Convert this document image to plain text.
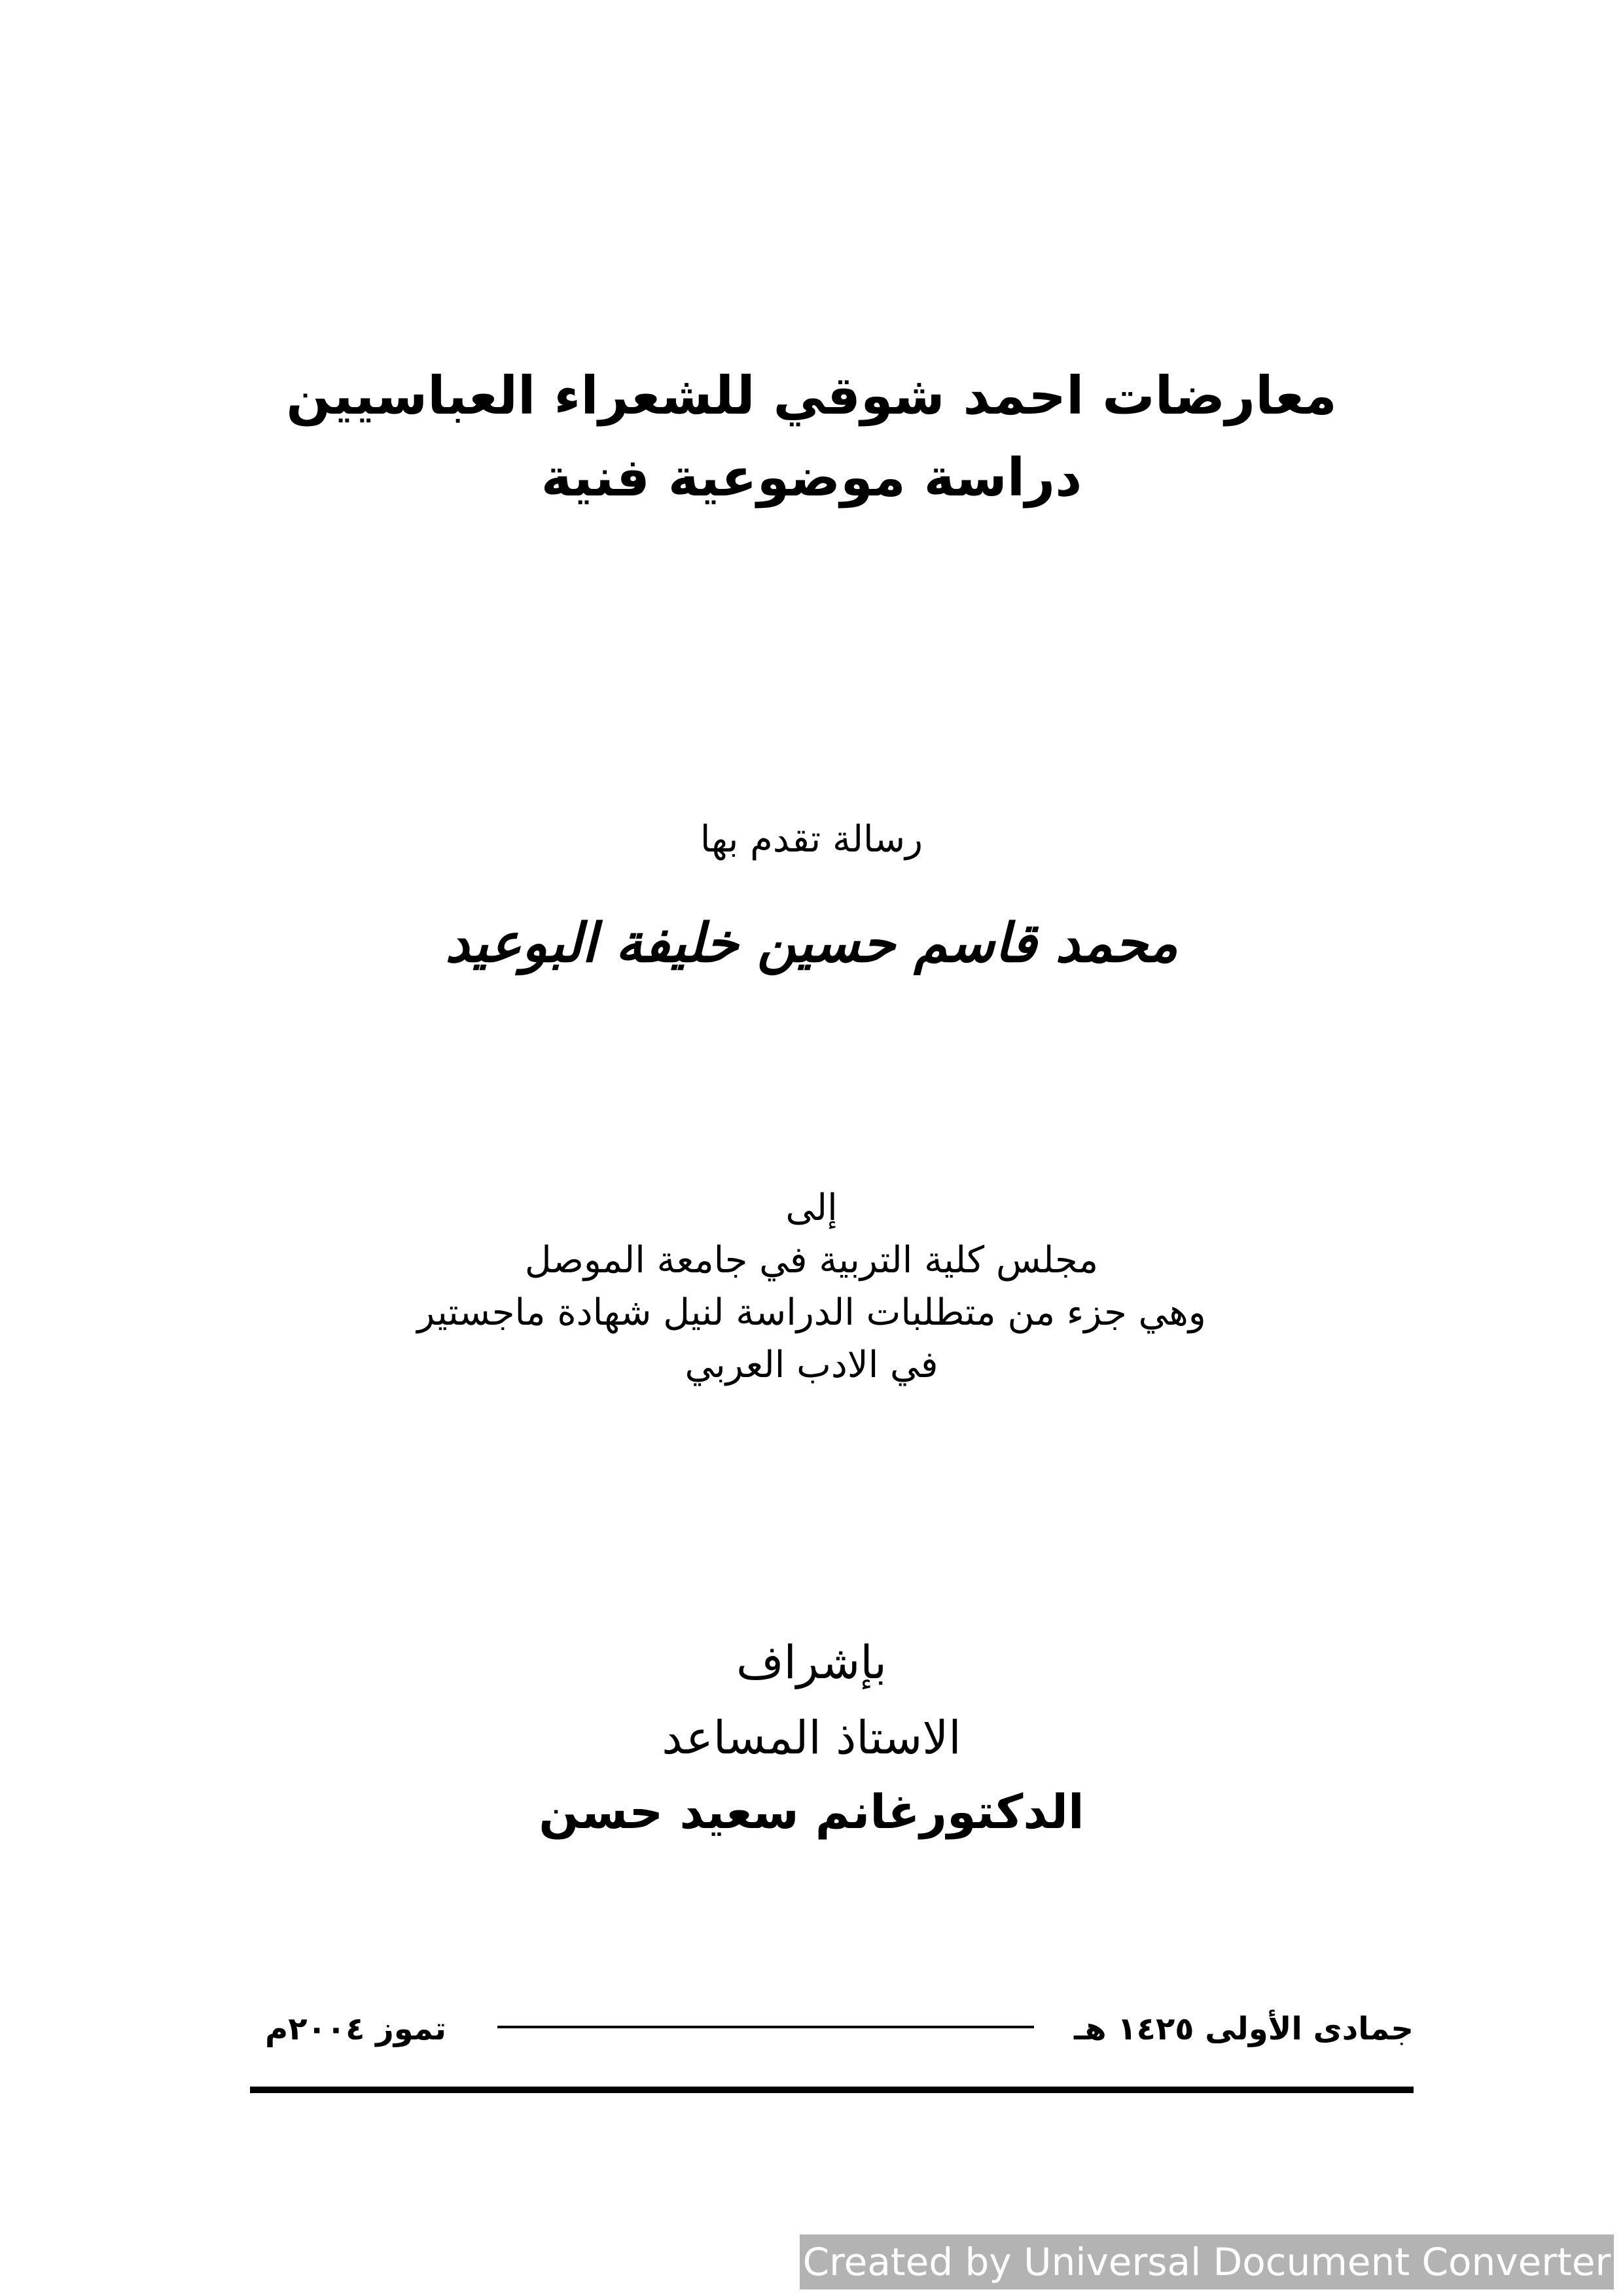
معارضات احمد شوقي للشعراء العباسيين
دراسة موضوعية فنية
رسالة تقدم بها
محمد قاسم حسين خليفة البوعيد
إلى
مجلس كلية التربية في جامعة الموصل
وهي جزء من متطلبات الدراسة لنيل شهادة ماجستير
في الادب العربي
بإشراف
الاستاذ المساعد
الدكتورغانم سعيد حسن
جمادى الأولى ١٤٢٥ هـ
تموز ٢٠٠٤م
Created by Universal Document Converter
